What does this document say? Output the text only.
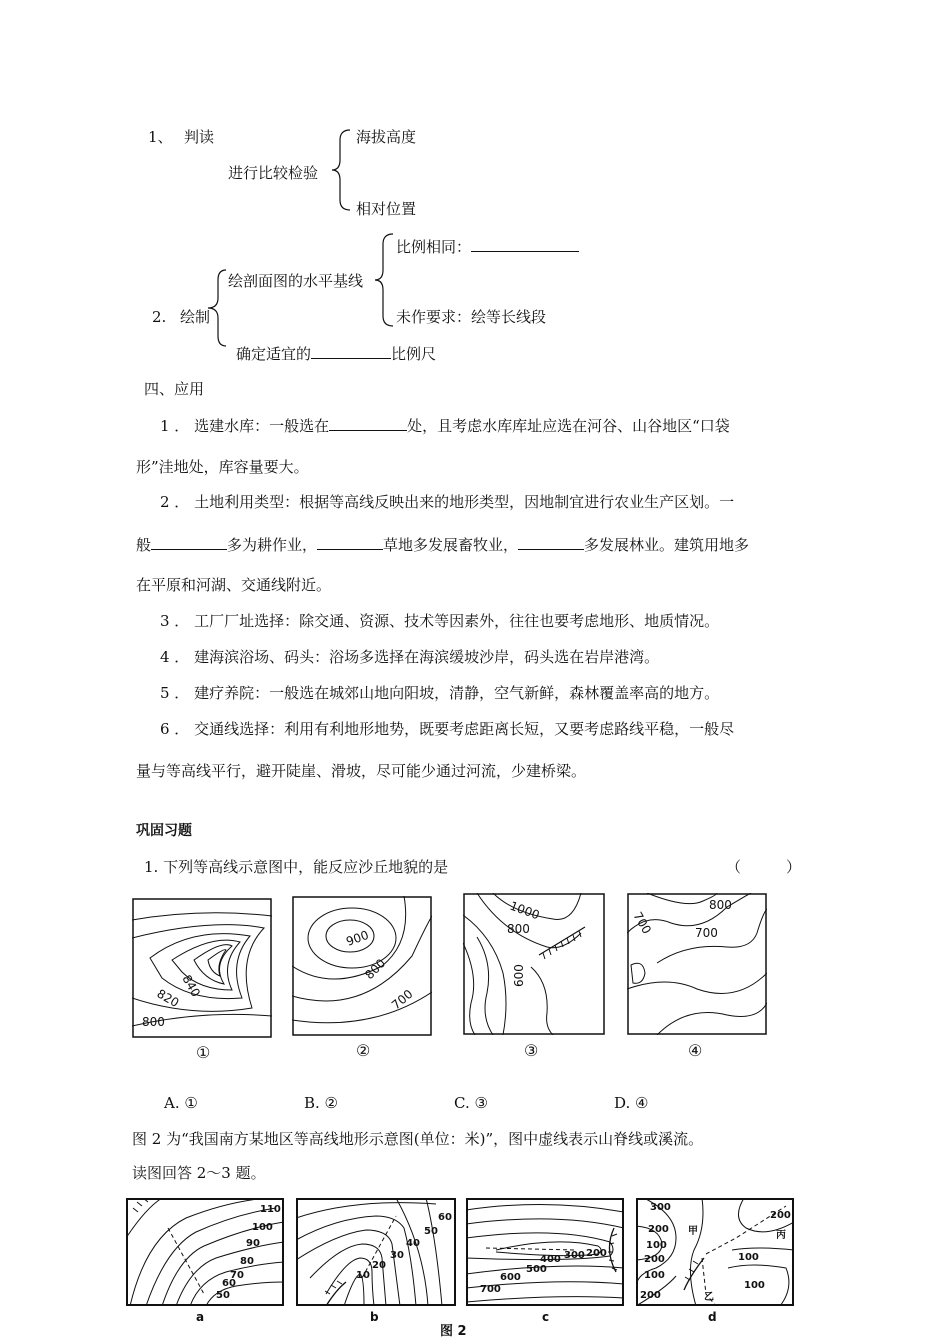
1、 判读
进行比较检验
海拔高度
相对位置
比例相同：
绘剖面图的水平基线
未作要求：绘等长线段
2. 绘制
确定适宜的	比例尺
四、应用
1 ． 选建水库：一般选在	处，且考虑水库库址应选在河谷、山谷地区“口袋
形”洼地处，库容量要大。
2 ． 土地利用类型：根据等高线反映出来的地形类型，因地制宜进行农业生产区划。一
般	多为耕作业，	草地多发展畜牧业，	多发展林业。建筑用地多
在平原和河湖、交通线附近。
3 ． 工厂厂址选择：除交通、资源、技术等因素外，往往也要考虑地形、地质情况。
4 ． 建海滨浴场、码头：浴场多选择在海滨缓坡沙岸，码头选在岩岸港湾。
5 ． 建疗养院：一般选在城郊山地向阳坡，清静，空气新鲜，森林覆盖率高的地方。
6 ． 交通线选择：利用有利地形地势，既要考虑距离长短，又要考虑路线平稳，一般尽
量与等高线平行，避开陡崖、滑坡，尽可能少通过河流，少建桥梁。
巩固习题
1. 下列等高线示意图中，能反应沙丘地貌的是	（　　　）
840
820
800
①
900
800
700
②
1000
800
600
③
800
700	700
④
A. ①	B. ②	C. ③	D. ④
图 2 为“我国南方某地区等高线地形示意图(单位：米)”，图中虚线表示山脊线或溪流。
读图回答 2～3 题。
110
100
90
80
70
60
50
a
60
50
40
30
20
10
b
600
500
400 300 200
700
c
300
200
100
200
100
200
100
200
100
甲	丙
乙
d
图 2
